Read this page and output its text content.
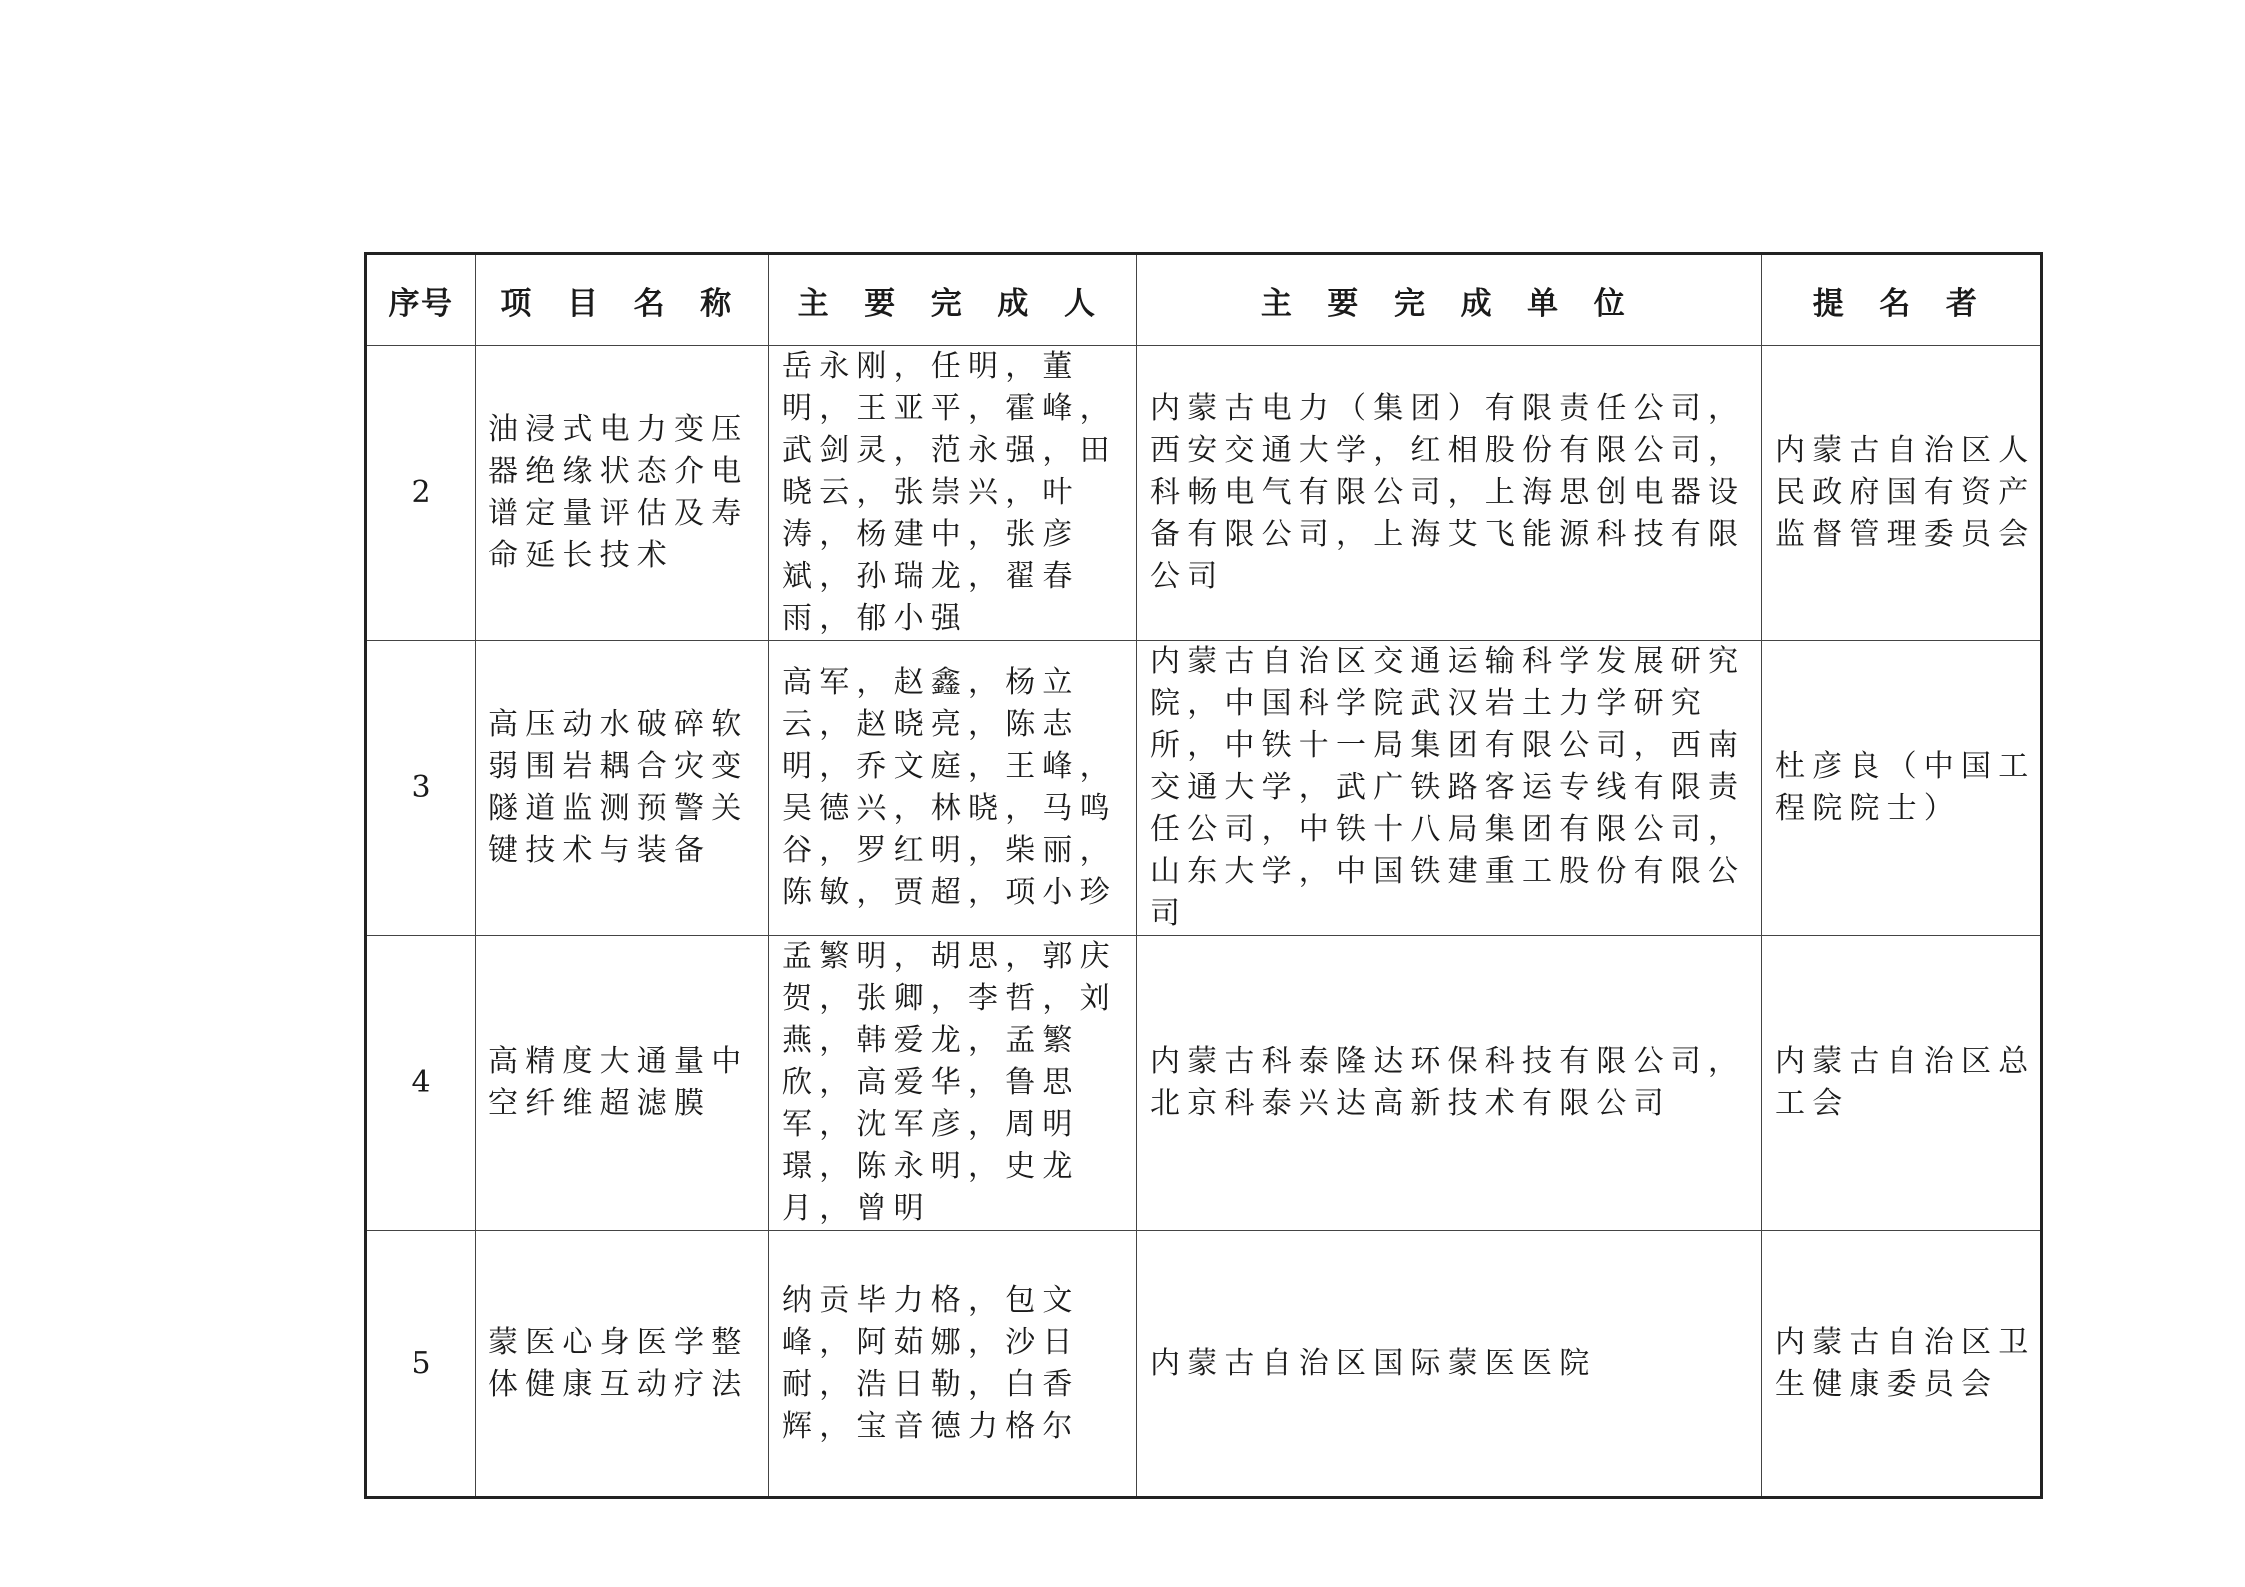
序号	项 目 名 称	主 要 完 成 人	主 要 完 成 单 位	提 名 者
2	油浸式电力变压器绝缘状态介电谱定量评估及寿命延长技术	岳永刚，任明，董明，王亚平，霍峰，武剑灵，范永强，田晓云，张崇兴，叶涛，杨建中，张彦斌，孙瑞龙，翟春雨，郁小强	内蒙古电力（集团）有限责任公司，西安交通大学，红相股份有限公司，科畅电气有限公司，上海思创电器设备有限公司，上海艾飞能源科技有限公司	内蒙古自治区人民政府国有资产监督管理委员会

3	高压动水破碎软弱围岩耦合灾变隧道监测预警关键技术与装备	高军，赵鑫，杨立云，赵晓亮，陈志明，乔文庭，王峰，吴德兴，林晓，马鸣谷，罗红明，柴丽，陈敏，贾超，项小珍	内蒙古自治区交通运输科学发展研究院，中国科学院武汉岩土力学研究所，中铁十一局集团有限公司，西南交通大学，武广铁路客运专线有限责任公司，中铁十八局集团有限公司，山东大学，中国铁建重工股份有限公司	杜彦良（中国工程院院士）

4	高精度大通量中空纤维超滤膜	孟繁明，胡思，郭庆贺，张卿，李哲，刘燕，韩爱龙，孟繁欣，高爱华，鲁思军，沈军彦，周明璟，陈永明，史龙月，曾明	内蒙古科泰隆达环保科技有限公司，北京科泰兴达高新技术有限公司	内蒙古自治区总工会

5	蒙医心身医学整体健康互动疗法	纳贡毕力格，包文峰，阿茹娜，沙日耐，浩日勒，白香辉，宝音德力格尔	内蒙古自治区国际蒙医医院	内蒙古自治区卫生健康委员会
